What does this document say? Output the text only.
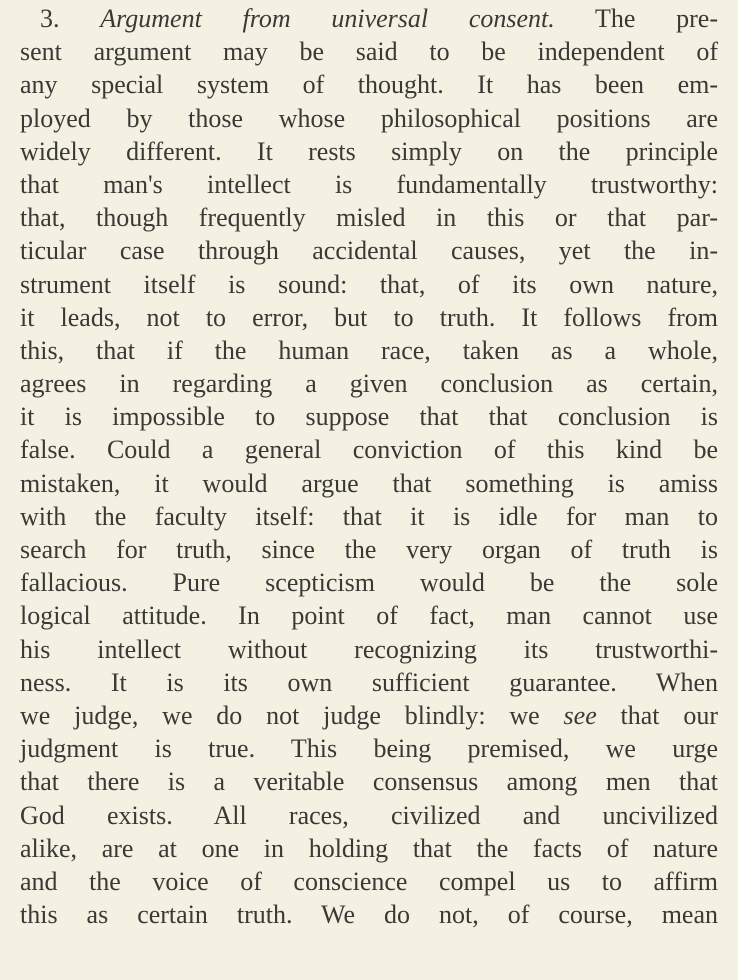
3. Argument from universal consent. The pre-
sent argument may be said to be independent of
any special system of thought. It has been em-
ployed by those whose philosophical positions are
widely different. It rests simply on the principle
that man's intellect is fundamentally trustworthy:
that, though frequently misled in this or that par-
ticular case through accidental causes, yet the in-
strument itself is sound: that, of its own nature,
it leads, not to error, but to truth. It follows from
this, that if the human race, taken as a whole,
agrees in regarding a given conclusion as certain,
it is impossible to suppose that that conclusion is
false. Could a general conviction of this kind be
mistaken, it would argue that something is amiss
with the faculty itself: that it is idle for man to
search for truth, since the very organ of truth is
fallacious. Pure scepticism would be the sole
logical attitude. In point of fact, man cannot use
his intellect without recognizing its trustworthi-
ness. It is its own sufficient guarantee. When
we judge, we do not judge blindly: we see that our
judgment is true. This being premised, we urge
that there is a veritable consensus among men that
God exists. All races, civilized and uncivilized
alike, are at one in holding that the facts of nature
and the voice of conscience compel us to affirm
this as certain truth. We do not, of course, mean
